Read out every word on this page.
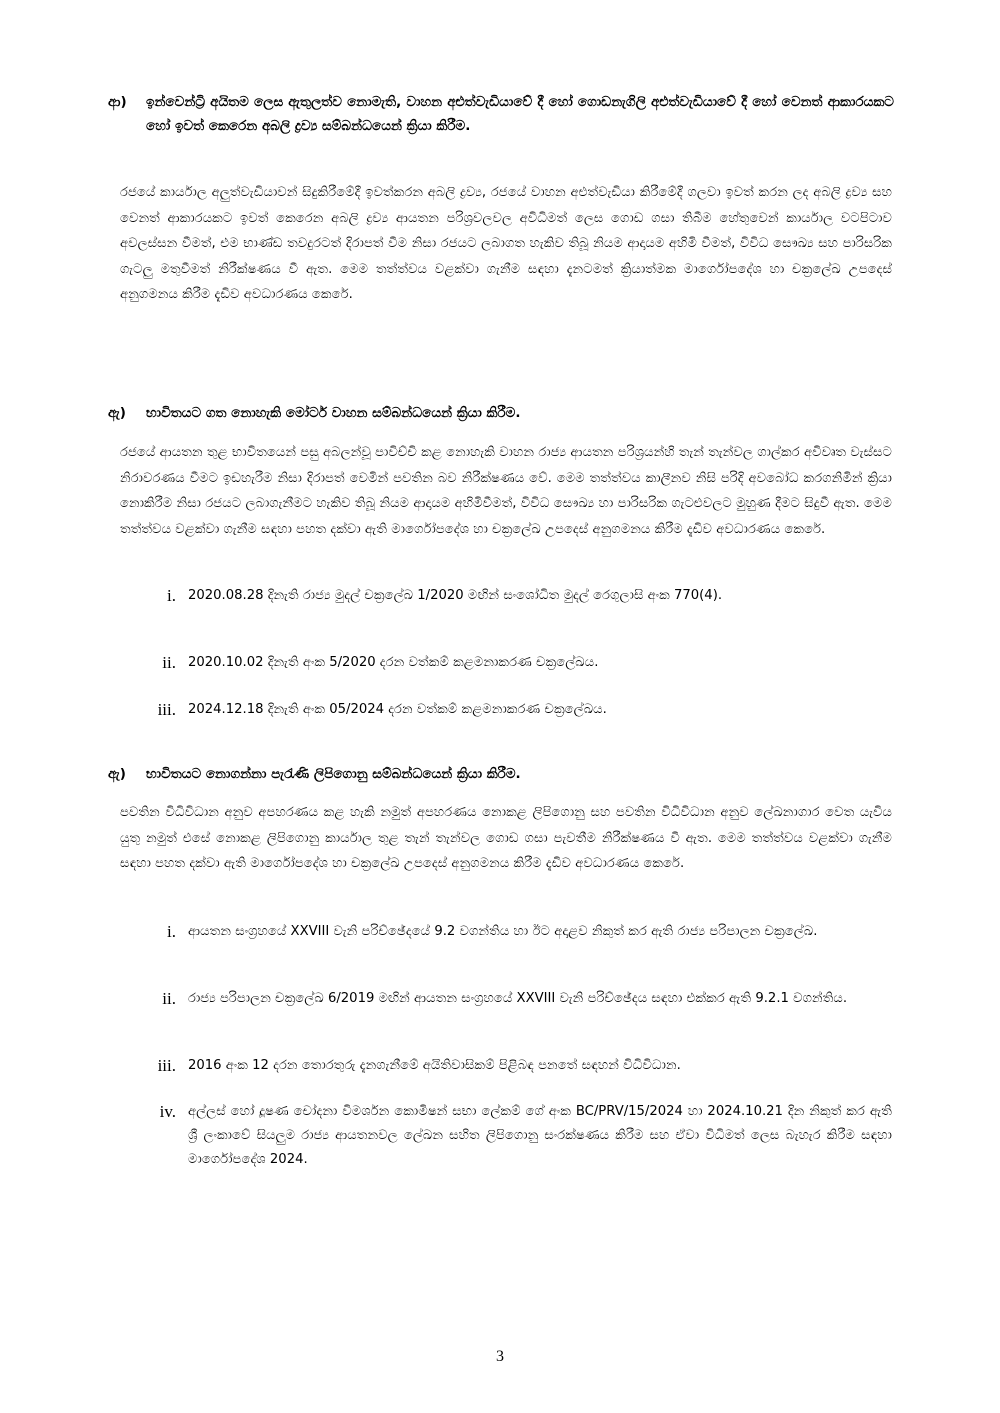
ආ) ඉන්වෙන්ට්‍රි අයිතම ලෙස ඇතුලත්ව නොමැති, වාහන අළුත්වැඩියාවේ දී හෝ ගොඩනැගිලි අළුත්වැඩියාවේ දී හෝ වෙනත් ආකාරයකට හෝ ඉවත් කෙරෙන අබලි ද්‍රව්‍ය සම්බන්ධයෙන් ක්‍රියා කිරීම.
රජයේ කාර්යාල අලුත්වැඩියාවන් සිදුකිරීමේදී ඉවත්කරන අබලි ද්‍රව්‍ය, රජයේ වාහන අළුත්වැඩියා කිරීමේදී ගලවා ඉවත් කරන ලද අබලි ද්‍රව්‍ය සහ වෙනත් ආකාරයකට ඉවත් කෙරෙන අබලි ද්‍රව්‍ය ආයතන පරිශ්‍රවලවල අවිධිමත් ලෙස ගොඩ ගසා තිබීම හේතුවෙන් කාර්යාල වටපිටාව අවලස්සන වීමත්, එම භාණ්ඩ තවදුරටත් දිරාපත් වීම නිසා රජයට ලබාගත හැකිව තිබූ නියම ආදායම අහිමි වීමත්, විවිධ සෞඛ්‍ය සහ පාරිසරික ගැටලු මතුවීමත් නිරීක්ෂණය වී ඇත. මෙම තත්ත්වය වළක්වා ගැනීම සඳහා දැනටමත් ක්‍රියාත්මක මාර්ගෝපදේශ හා චක්‍රලේඛ උපදෙස් අනුගමනය කිරීම දැඩිව අවධාරණය කෙරේ.
ඇ) භාවිතයට ගත නොහැකි මෝටර් වාහන සම්බන්ධයෙන් ක්‍රියා කිරීම.
රජයේ ආයතන තුළ භාවිතයෙන් පසු අබලන්වූ පාවිච්චි කළ නොහැකි වාහන රාජ්‍ය ආයතන පරිශ්‍රයන්හි තැන් තැන්වල ගාල්කර අවිවෘත වැස්සට නිරාවරණය වීමට ඉඩහැරීම නිසා දිරාපත් වෙමින් පවතින බව නිරීක්ෂණය වේ. මෙම තත්ත්වය කාලීනව නිසි පරිදි අවබෝධ කරගනිමින් ක්‍රියා නොකිරීම නිසා රජයට ලබාගැනීමට හැකිව තිබූ නියම ආදායම අහිමිවීමත්, විවිධ සෞඛ්‍ය හා පාරිසරික ගැටළුවලට මුහුණ දීමට සිදුවී ඇත. මෙම තත්ත්වය වළක්වා ගැනීම සඳහා පහත දක්වා ඇති මාර්ගෝපදේශ හා චක්‍රලේඛ උපදෙස් අනුගමනය කිරීම දැඩිව අවධාරණය කෙරේ.
i. 2020.08.28 දිනැති රාජ්‍ය මුදල් චක්‍රලේඛ 1/2020 මඟින් සංශෝධිත මුදල් රෙගුලාසි අංක 770(4).
ii. 2020.10.02 දිනැති අංක 5/2020 දරන වත්කම් කළමනාකරණ චක්‍රලේඛය.
iii. 2024.12.18 දිනැති අංක 05/2024 දරන වත්කම් කළමනාකරණ චක්‍රලේඛය.
ඇ) භාවිතයට නොගන්නා පැරැණි ලිපිගොනු සම්බන්ධයෙන් ක්‍රියා කිරීම.
පවතින විධිවිධාන අනුව අපහරණය කළ හැකි නමුත් අපහරණය නොකළ ලිපිගොනු සහ පවතින විධිවිධාන අනුව ලේඛනාගාර වෙත යැවිය යුතු නමුත් එසේ නොකළ ලිපිගොනු කාර්යාල තුළ තැන් තැන්වල ගොඩ ගසා පැවතීම නිරීක්ෂණය වී ඇත. මෙම තත්ත්වය වළක්වා ගැනීම සඳහා පහත දක්වා ඇති මාර්ගෝපදේශ හා චක්‍රලේඛ උපදෙස් අනුගමනය කිරීම දැඩිව අවධාරණය කෙරේ.
i. ආයතන සංග්‍රහයේ XXVIII වැනි පරිච්ඡේදයේ 9.2 වගන්තිය හා ඊට අදාළව නිකුත් කර ඇති රාජ්‍ය පරිපාලන චක්‍රලේඛ.
ii. රාජ්‍ය පරිපාලන චක්‍රලේඛ 6/2019 මඟින් ආයතන සංග්‍රහයේ XXVIII වැනි පරිච්ඡේදය සඳහා එක්කර ඇති 9.2.1 වගන්තිය.
iii. 2016 අංක 12 දරන තොරතුරු දැනගැනීමේ අයිතිවාසිකම් පිළිබඳ පනතේ සඳහන් විධිවිධාන.
iv. අල්ලස් හෝ දූෂණ චෝදනා විමර්ශන කොමිෂන් සභා ලේකම් ගේ අංක BC/PRV/15/2024 හා 2024.10.21 දින නිකුත් කර ඇති ශ්‍රී ලංකාවේ සියලුම රාජ්‍ය ආයතනවල ලේඛන සහිත ලිපිගොනු සංරක්ෂණය කිරීම සහ ඒවා විධිමත් ලෙස බැහැර කිරීම සඳහා මාර්ගෝපදේශ 2024.
3
